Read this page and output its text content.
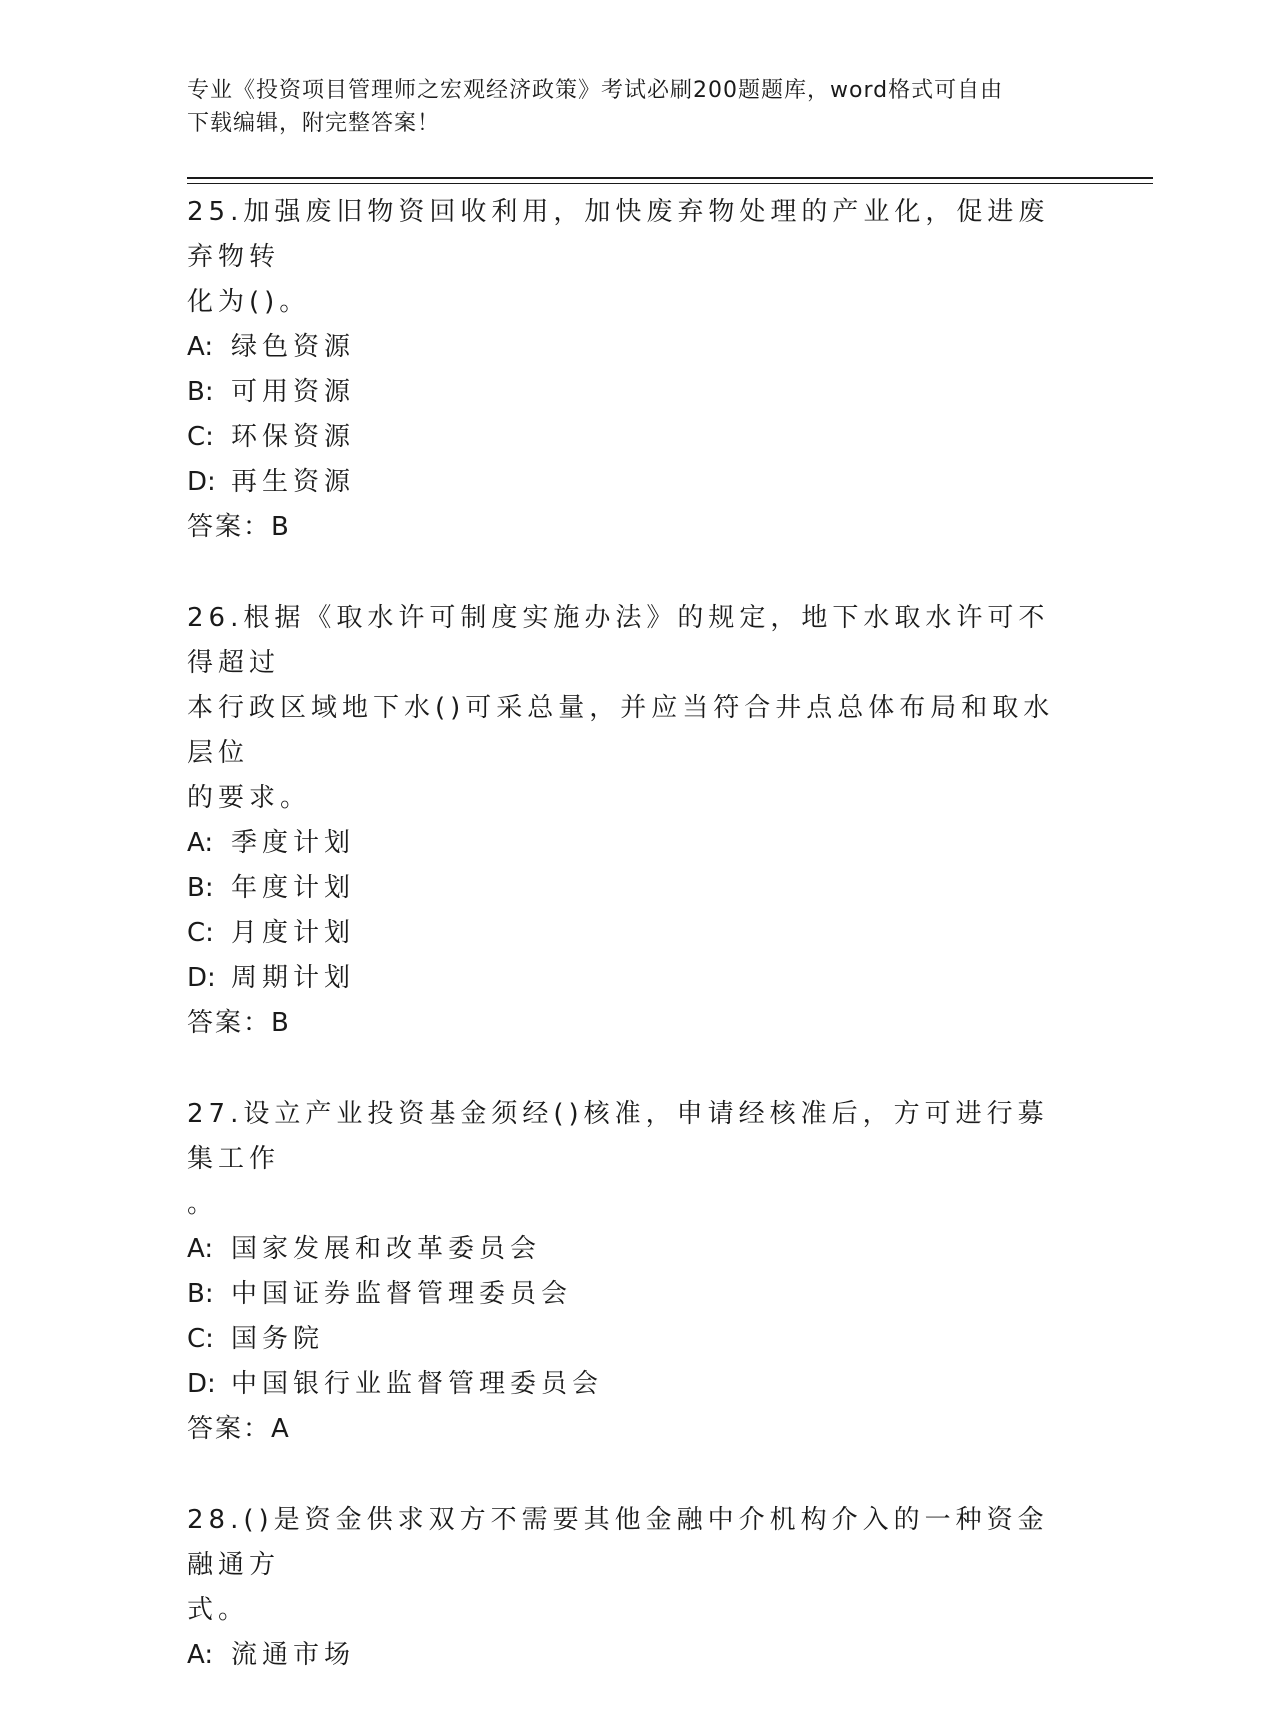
专业《投资项目管理师之宏观经济政策》考试必刷200题题库，word格式可自由
下载编辑，附完整答案！
25.加强废旧物资回收利用，加快废弃物处理的产业化，促进废弃物转
化为()。
A: 绿色资源
B: 可用资源
C: 环保资源
D: 再生资源
答案：B
26.根据《取水许可制度实施办法》的规定，地下水取水许可不得超过
本行政区域地下水()可采总量，并应当符合井点总体布局和取水层位
的要求。
A: 季度计划
B: 年度计划
C: 月度计划
D: 周期计划
答案：B
27.设立产业投资基金须经()核准，申请经核准后，方可进行募集工作
。
A: 国家发展和改革委员会
B: 中国证券监督管理委员会
C: 国务院
D: 中国银行业监督管理委员会
答案：A
28.()是资金供求双方不需要其他金融中介机构介入的一种资金融通方
式。
A: 流通市场
